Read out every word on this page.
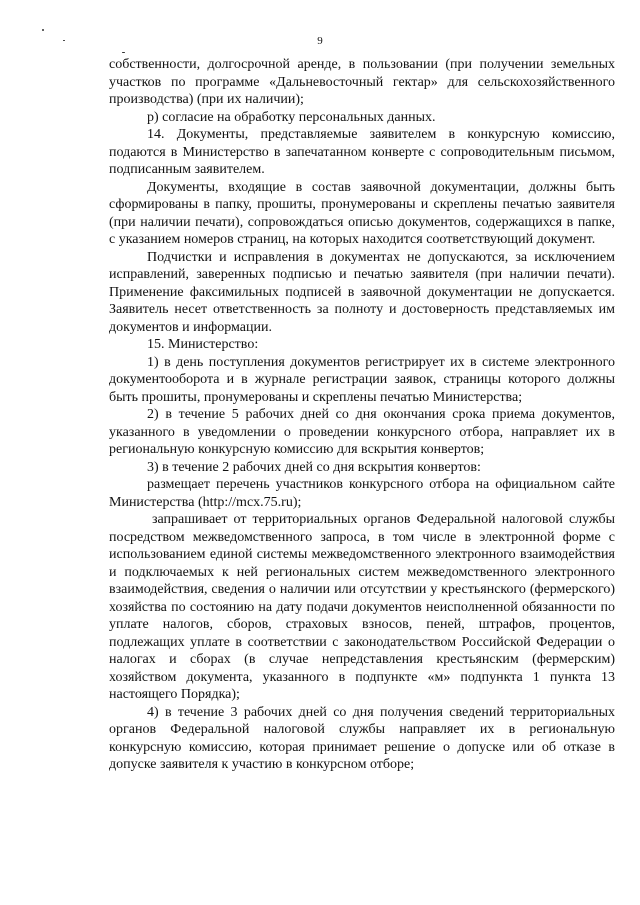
9

собственности, долгосрочной аренде, в пользовании (при получении земельных участков по программе «Дальневосточный гектар» для сельскохозяйственного производства) (при их наличии);

р) согласие на обработку персональных данных.

14. Документы, представляемые заявителем в конкурсную комиссию, подаются в Министерство в запечатанном конверте с сопроводительным письмом, подписанным заявителем.

Документы, входящие в состав заявочной документации, должны быть сформированы в папку, прошиты, пронумерованы и скреплены печатью заявителя (при наличии печати), сопровождаться описью документов, содержащихся в папке, с указанием номеров страниц, на которых находится соответствующий документ.

Подчистки и исправления в документах не допускаются, за исключением исправлений, заверенных подписью и печатью заявителя (при наличии печати). Применение факсимильных подписей в заявочной документации не допускается. Заявитель несет ответственность за полноту и достоверность представляемых им документов и информации.

15. Министерство:

1) в день поступления документов регистрирует их в системе электронного документооборота и в журнале регистрации заявок, страницы которого должны быть прошиты, пронумерованы и скреплены печатью Министерства;

2) в течение 5 рабочих дней со дня окончания срока приема документов, указанного в уведомлении о проведении конкурсного отбора, направляет их в региональную конкурсную комиссию для вскрытия конвертов;

3) в течение 2 рабочих дней со дня вскрытия конвертов:

размещает перечень участников конкурсного отбора на официальном сайте Министерства (http://mcx.75.ru);

запрашивает от территориальных органов Федеральной налоговой службы посредством межведомственного запроса, в том числе в электронной форме с использованием единой системы межведомственного электронного взаимодействия и подключаемых к ней региональных систем межведомственного электронного взаимодействия, сведения о наличии или отсутствии у крестьянского (фермерского) хозяйства по состоянию на дату подачи документов неисполненной обязанности по уплате налогов, сборов, страховых взносов, пеней, штрафов, процентов, подлежащих уплате в соответствии с законодательством Российской Федерации о налогах и сборах (в случае непредставления крестьянским (фермерским) хозяйством документа, указанного в подпункте «м» подпункта 1 пункта 13 настоящего Порядка);

4) в течение 3 рабочих дней со дня получения сведений территориальных органов Федеральной налоговой службы направляет их в региональную конкурсную комиссию, которая принимает решение о допуске или об отказе в допуске заявителя к участию в конкурсном отборе;
